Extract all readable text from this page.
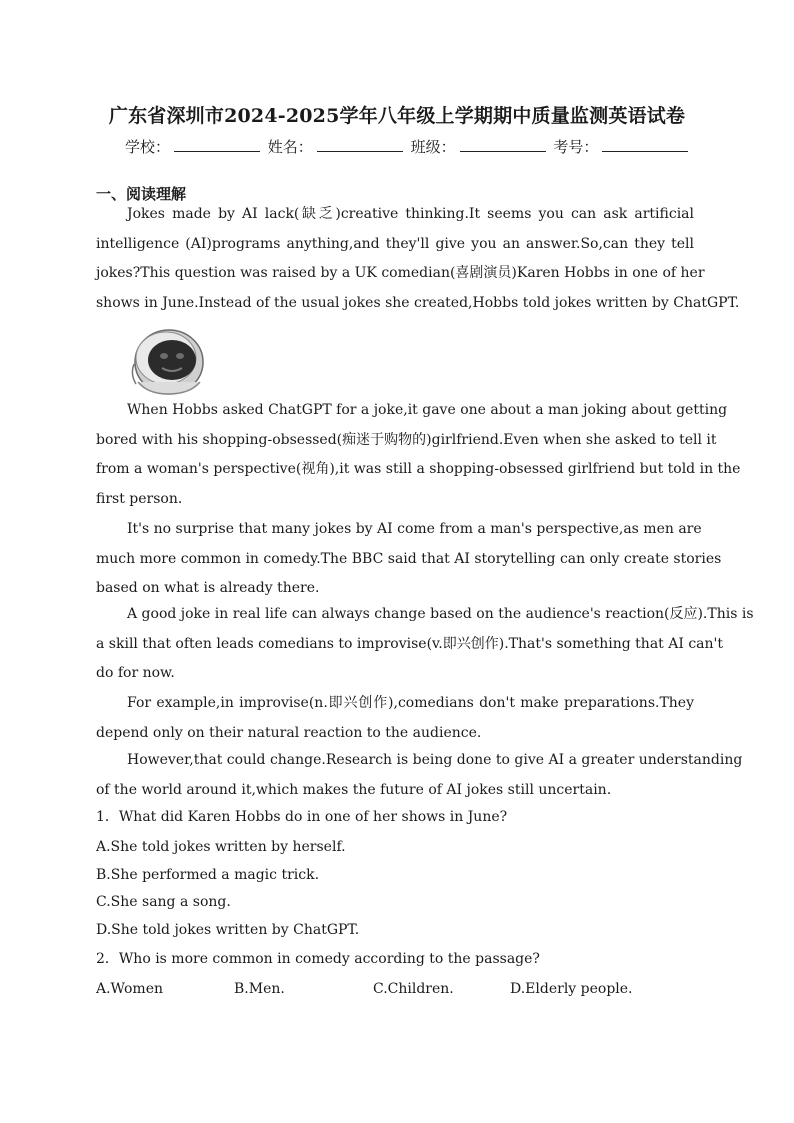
广东省深圳市2024-2025学年八年级上学期期中质量监测英语试卷
学校：	姓名：	班级：	考号：
一、阅读理解
Jokes made by AI lack(缺乏)creative thinking.It seems you can ask artificial
intelligence (AI)programs anything,and they'll give you an answer.So,can they tell
jokes?This question was raised by a UK comedian(喜剧演员)Karen Hobbs in one of her
shows in June.Instead of the usual jokes she created,Hobbs told jokes written by ChatGPT.
When Hobbs asked ChatGPT for a joke,it gave one about a man joking about getting
bored with his shopping-obsessed(痴迷于购物的)girlfriend.Even when she asked to tell it
from a woman's perspective(视角),it was still a shopping-obsessed girlfriend but told in the
first person.
It's no surprise that many jokes by AI come from a man's perspective,as men are
much more common in comedy.The BBC said that AI storytelling can only create stories
based on what is already there.
A good joke in real life can always change based on the audience's reaction(反应).This is
a skill that often leads comedians to improvise(v.即兴创作).That's something that AI can't
do for now.
For example,in improvise(n.即兴创作),comedians don't make preparations.They
depend only on their natural reaction to the audience.
However,that could change.Research is being done to give AI a greater understanding
of the world around it,which makes the future of AI jokes still uncertain.
1．What did Karen Hobbs do in one of her shows in June?
A.She told jokes written by herself.
B.She performed a magic trick.
C.She sang a song.
D.She told jokes written by ChatGPT.
2．Who is more common in comedy according to the passage?
A.Women	B.Men.	C.Children.	D.Elderly people.
